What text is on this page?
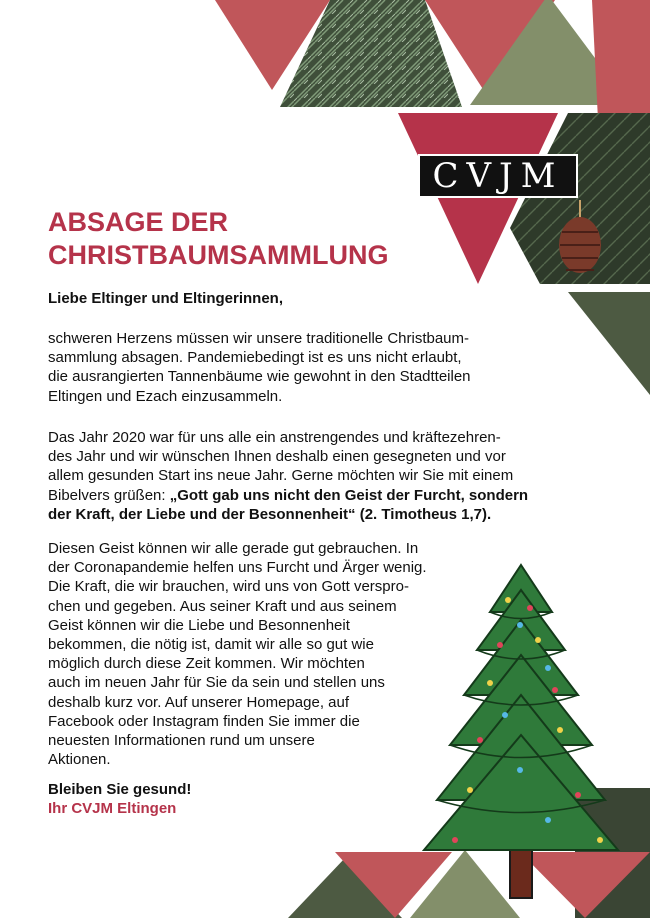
CVJM
ABSAGE DER
CHRISTBAUMSAMMLUNG

Liebe Eltinger und Eltingerinnen,

schweren Herzens müssen wir unsere traditionelle Christbaum-
sammlung absagen. Pandemiebedingt ist es uns nicht erlaubt,
die ausrangierten Tannenbäume wie gewohnt in den Stadtteilen
Eltingen und Ezach einzusammeln.

Das Jahr 2020 war für uns alle ein anstrengendes und kräftezehren-
des Jahr und wir wünschen Ihnen deshalb einen gesegneten und vor
allem gesunden Start ins neue Jahr. Gerne möchten wir Sie mit einem
Bibelvers grüßen: „Gott gab uns nicht den Geist der Furcht, sondern
der Kraft, der Liebe und der Besonnenheit“ (2. Timotheus 1,7).

Diesen Geist können wir alle gerade gut gebrauchen. In
der Coronapandemie helfen uns Furcht und Ärger wenig.
Die Kraft, die wir brauchen, wird uns von Gott verspro-
chen und gegeben. Aus seiner Kraft und aus seinem
Geist können wir die Liebe und Besonnenheit
bekommen, die nötig ist, damit wir alle so gut wie
möglich durch diese Zeit kommen. Wir möchten
auch im neuen Jahr für Sie da sein und stellen uns
deshalb kurz vor. Auf unserer Homepage, auf
Facebook oder Instagram finden Sie immer die
neuesten Informationen rund um unsere
Aktionen.

Bleiben Sie gesund!
Ihr CVJM Eltingen
